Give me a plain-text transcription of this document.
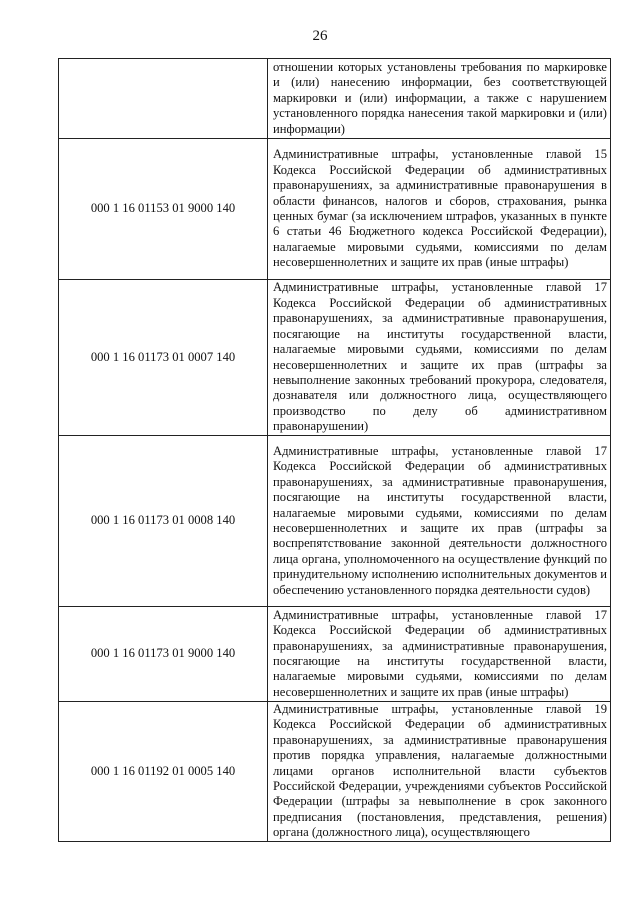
26

	отношении которых установлены требования по маркировке и (или) нанесению информации, без соответствующей маркировки и (или) информации, а также с нарушением установленного порядка нанесения такой маркировки и (или) информации)

000 1 16 01153 01 9000 140	Административные штрафы, установленные главой 15 Кодекса Российской Федерации об административных правонарушениях, за административные правонарушения в области финансов, налогов и сборов, страхования, рынка ценных бумаг (за исключением штрафов, указанных в пункте 6 статьи 46 Бюджетного кодекса Российской Федерации), налагаемые мировыми судьями, комиссиями по делам несовершеннолетних и защите их прав (иные штрафы)

000 1 16 01173 01 0007 140	Административные штрафы, установленные главой 17 Кодекса Российской Федерации об административных правонарушениях, за административные правонарушения, посягающие на институты государственной власти, налагаемые мировыми судьями, комиссиями по делам несовершеннолетних и защите их прав (штрафы за невыполнение законных требований прокурора, следователя, дознавателя или должностного лица, осуществляющего производство по делу об административном правонарушении)

000 1 16 01173 01 0008 140	Административные штрафы, установленные главой 17 Кодекса Российской Федерации об административных правонарушениях, за административные правонарушения, посягающие на институты государственной власти, налагаемые мировыми судьями, комиссиями по делам несовершеннолетних и защите их прав (штрафы за воспрепятствование законной деятельности должностного лица органа, уполномоченного на осуществление функций по принудительному исполнению исполнительных документов и обеспечению установленного порядка деятельности судов)

000 1 16 01173 01 9000 140	Административные штрафы, установленные главой 17 Кодекса Российской Федерации об административных правонарушениях, за административные правонарушения, посягающие на институты государственной власти, налагаемые мировыми судьями, комиссиями по делам несовершеннолетних и защите их прав (иные штрафы)

000 1 16 01192 01 0005 140	Административные штрафы, установленные главой 19 Кодекса Российской Федерации об административных правонарушениях, за административные правонарушения против порядка управления, налагаемые должностными лицами органов исполнительной власти субъектов Российской Федерации, учреждениями субъектов Российской Федерации (штрафы за невыполнение в срок законного предписания (постановления, представления, решения) органа (должностного лица), осуществляющего
